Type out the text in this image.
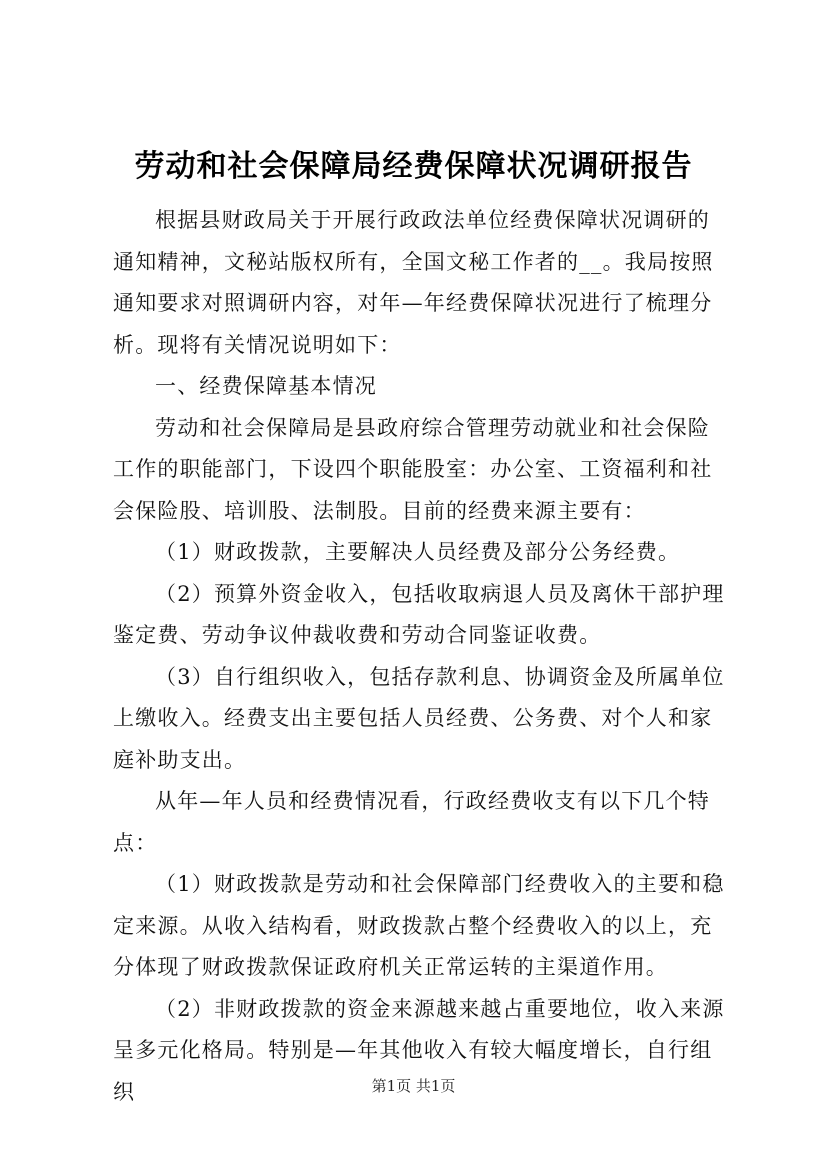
劳动和社会保障局经费保障状况调研报告

根据县财政局关于开展行政政法单位经费保障状况调研的通知精神，文秘站版权所有，全国文秘工作者的__。我局按照通知要求对照调研内容，对年—年经费保障状况进行了梳理分析。现将有关情况说明如下：

一、经费保障基本情况

劳动和社会保障局是县政府综合管理劳动就业和社会保险工作的职能部门，下设四个职能股室：办公室、工资福利和社会保险股、培训股、法制股。目前的经费来源主要有：

（1）财政拨款，主要解决人员经费及部分公务经费。

（2）预算外资金收入，包括收取病退人员及离休干部护理鉴定费、劳动争议仲裁收费和劳动合同鉴证收费。

（3）自行组织收入，包括存款利息、协调资金及所属单位上缴收入。经费支出主要包括人员经费、公务费、对个人和家庭补助支出。

从年—年人员和经费情况看，行政经费收支有以下几个特点：

（1）财政拨款是劳动和社会保障部门经费收入的主要和稳定来源。从收入结构看，财政拨款占整个经费收入的以上，充分体现了财政拨款保证政府机关正常运转的主渠道作用。

（2）非财政拨款的资金来源越来越占重要地位，收入来源呈多元化格局。特别是—年其他收入有较大幅度增长，自行组织	第1页 共1页
